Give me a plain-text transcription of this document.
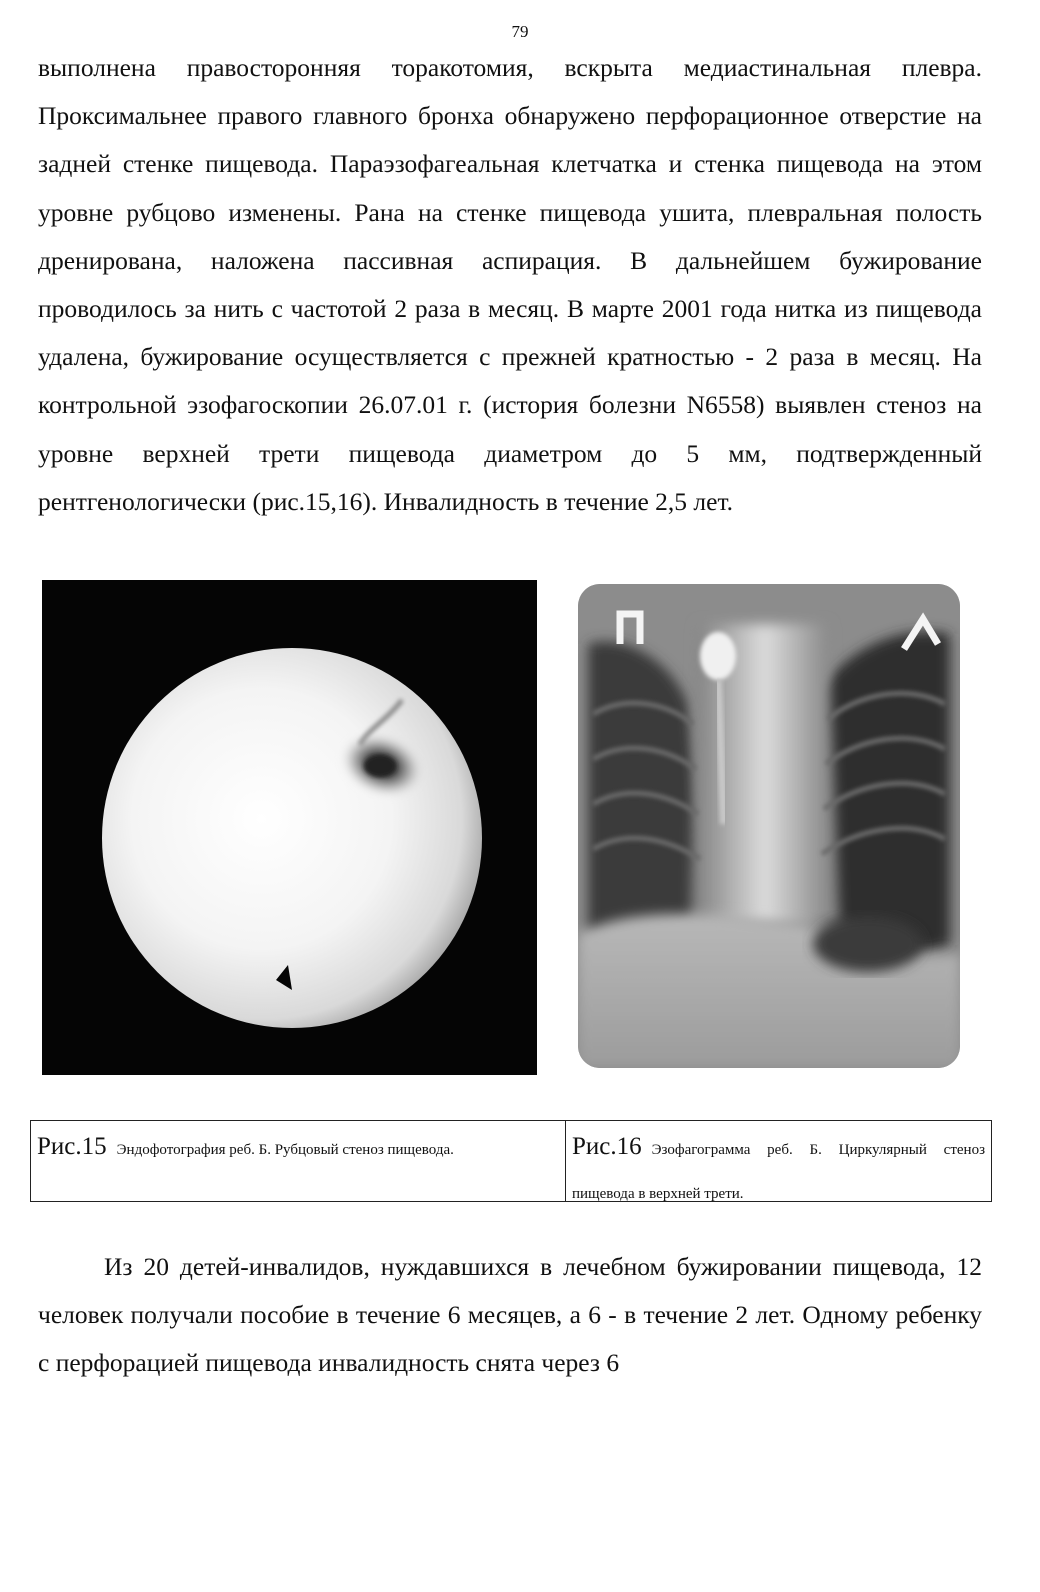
79

выполнена правосторонняя торакотомия, вскрыта медиастинальная плевра. Проксимальнее правого главного бронха обнаружено перфорационное отверстие на задней стенке пищевода. Параэзофагеальная клетчатка и стенка пищевода на этом уровне рубцово изменены. Рана на стенке пищевода ушита, плевральная полость дренирована, наложена пассивная аспирация. В дальнейшем бужирование проводилось за нить с частотой 2 раза в месяц. В марте 2001 года нитка из пищевода удалена, бужирование осуществляется с прежней кратностью - 2 раза в месяц. На контрольной эзофагоскопии 26.07.01 г. (история болезни N6558) выявлен стеноз на уровне верхней трети пищевода диаметром до 5 мм, подтвержденный рентгенологически (рис.15,16). Инвалидность в течение 2,5 лет.

Рис.15 Эндофотография реб. Б. Рубцовый стеноз пищевода.	Рис.16 Эзофагограмма реб. Б. Циркулярный стеноз пищевода в верхней трети.

Из 20 детей-инвалидов, нуждавшихся в лечебном бужировании пищевода, 12 человек получали пособие в течение 6 месяцев, а 6 - в течение 2 лет. Одному ребенку с перфорацией пищевода инвалидность снята через 6
